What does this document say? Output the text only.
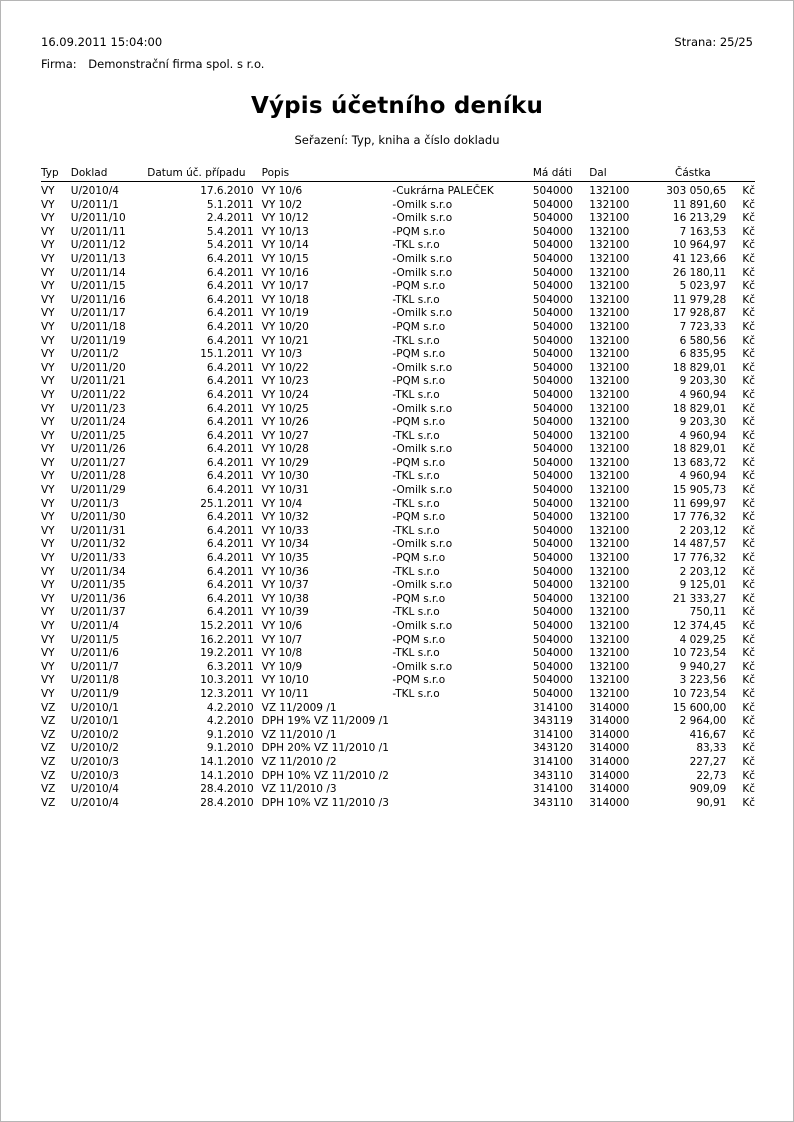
16.09.2011 15:04:00	Strana: 25/25
Firma: Demonstrační firma spol. s r.o.
Výpis účetního deníku
Seřazení: Typ, kniha a číslo dokladu
Typ	Doklad	Datum úč. případu	Popis		Má dáti	Dal	Částka	
VY	U/2010/4	17.6.2010	VY 10/6	-Cukrárna PALEČEK	504000	132100	303 050,65	Kč
VY	U/2011/1	5.1.2011	VY 10/2	-Omilk s.r.o	504000	132100	11 891,60	Kč
VY	U/2011/10	2.4.2011	VY 10/12	-Omilk s.r.o	504000	132100	16 213,29	Kč
VY	U/2011/11	5.4.2011	VY 10/13	-PQM s.r.o	504000	132100	7 163,53	Kč
VY	U/2011/12	5.4.2011	VY 10/14	-TKL s.r.o	504000	132100	10 964,97	Kč
VY	U/2011/13	6.4.2011	VY 10/15	-Omilk s.r.o	504000	132100	41 123,66	Kč
VY	U/2011/14	6.4.2011	VY 10/16	-Omilk s.r.o	504000	132100	26 180,11	Kč
VY	U/2011/15	6.4.2011	VY 10/17	-PQM s.r.o	504000	132100	5 023,97	Kč
VY	U/2011/16	6.4.2011	VY 10/18	-TKL s.r.o	504000	132100	11 979,28	Kč
VY	U/2011/17	6.4.2011	VY 10/19	-Omilk s.r.o	504000	132100	17 928,87	Kč
VY	U/2011/18	6.4.2011	VY 10/20	-PQM s.r.o	504000	132100	7 723,33	Kč
VY	U/2011/19	6.4.2011	VY 10/21	-TKL s.r.o	504000	132100	6 580,56	Kč
VY	U/2011/2	15.1.2011	VY 10/3	-PQM s.r.o	504000	132100	6 835,95	Kč
VY	U/2011/20	6.4.2011	VY 10/22	-Omilk s.r.o	504000	132100	18 829,01	Kč
VY	U/2011/21	6.4.2011	VY 10/23	-PQM s.r.o	504000	132100	9 203,30	Kč
VY	U/2011/22	6.4.2011	VY 10/24	-TKL s.r.o	504000	132100	4 960,94	Kč
VY	U/2011/23	6.4.2011	VY 10/25	-Omilk s.r.o	504000	132100	18 829,01	Kč
VY	U/2011/24	6.4.2011	VY 10/26	-PQM s.r.o	504000	132100	9 203,30	Kč
VY	U/2011/25	6.4.2011	VY 10/27	-TKL s.r.o	504000	132100	4 960,94	Kč
VY	U/2011/26	6.4.2011	VY 10/28	-Omilk s.r.o	504000	132100	18 829,01	Kč
VY	U/2011/27	6.4.2011	VY 10/29	-PQM s.r.o	504000	132100	13 683,72	Kč
VY	U/2011/28	6.4.2011	VY 10/30	-TKL s.r.o	504000	132100	4 960,94	Kč
VY	U/2011/29	6.4.2011	VY 10/31	-Omilk s.r.o	504000	132100	15 905,73	Kč
VY	U/2011/3	25.1.2011	VY 10/4	-TKL s.r.o	504000	132100	11 699,97	Kč
VY	U/2011/30	6.4.2011	VY 10/32	-PQM s.r.o	504000	132100	17 776,32	Kč
VY	U/2011/31	6.4.2011	VY 10/33	-TKL s.r.o	504000	132100	2 203,12	Kč
VY	U/2011/32	6.4.2011	VY 10/34	-Omilk s.r.o	504000	132100	14 487,57	Kč
VY	U/2011/33	6.4.2011	VY 10/35	-PQM s.r.o	504000	132100	17 776,32	Kč
VY	U/2011/34	6.4.2011	VY 10/36	-TKL s.r.o	504000	132100	2 203,12	Kč
VY	U/2011/35	6.4.2011	VY 10/37	-Omilk s.r.o	504000	132100	9 125,01	Kč
VY	U/2011/36	6.4.2011	VY 10/38	-PQM s.r.o	504000	132100	21 333,27	Kč
VY	U/2011/37	6.4.2011	VY 10/39	-TKL s.r.o	504000	132100	750,11	Kč
VY	U/2011/4	15.2.2011	VY 10/6	-Omilk s.r.o	504000	132100	12 374,45	Kč
VY	U/2011/5	16.2.2011	VY 10/7	-PQM s.r.o	504000	132100	4 029,25	Kč
VY	U/2011/6	19.2.2011	VY 10/8	-TKL s.r.o	504000	132100	10 723,54	Kč
VY	U/2011/7	6.3.2011	VY 10/9	-Omilk s.r.o	504000	132100	9 940,27	Kč
VY	U/2011/8	10.3.2011	VY 10/10	-PQM s.r.o	504000	132100	3 223,56	Kč
VY	U/2011/9	12.3.2011	VY 10/11	-TKL s.r.o	504000	132100	10 723,54	Kč
VZ	U/2010/1	4.2.2010	VZ 11/2009 /1		314100	314000	15 600,00	Kč
VZ	U/2010/1	4.2.2010	DPH 19% VZ 11/2009 /1		343119	314000	2 964,00	Kč
VZ	U/2010/2	9.1.2010	VZ 11/2010 /1		314100	314000	416,67	Kč
VZ	U/2010/2	9.1.2010	DPH 20% VZ 11/2010 /1		343120	314000	83,33	Kč
VZ	U/2010/3	14.1.2010	VZ 11/2010 /2		314100	314000	227,27	Kč
VZ	U/2010/3	14.1.2010	DPH 10% VZ 11/2010 /2		343110	314000	22,73	Kč
VZ	U/2010/4	28.4.2010	VZ 11/2010 /3		314100	314000	909,09	Kč
VZ	U/2010/4	28.4.2010	DPH 10% VZ 11/2010 /3		343110	314000	90,91	Kč
